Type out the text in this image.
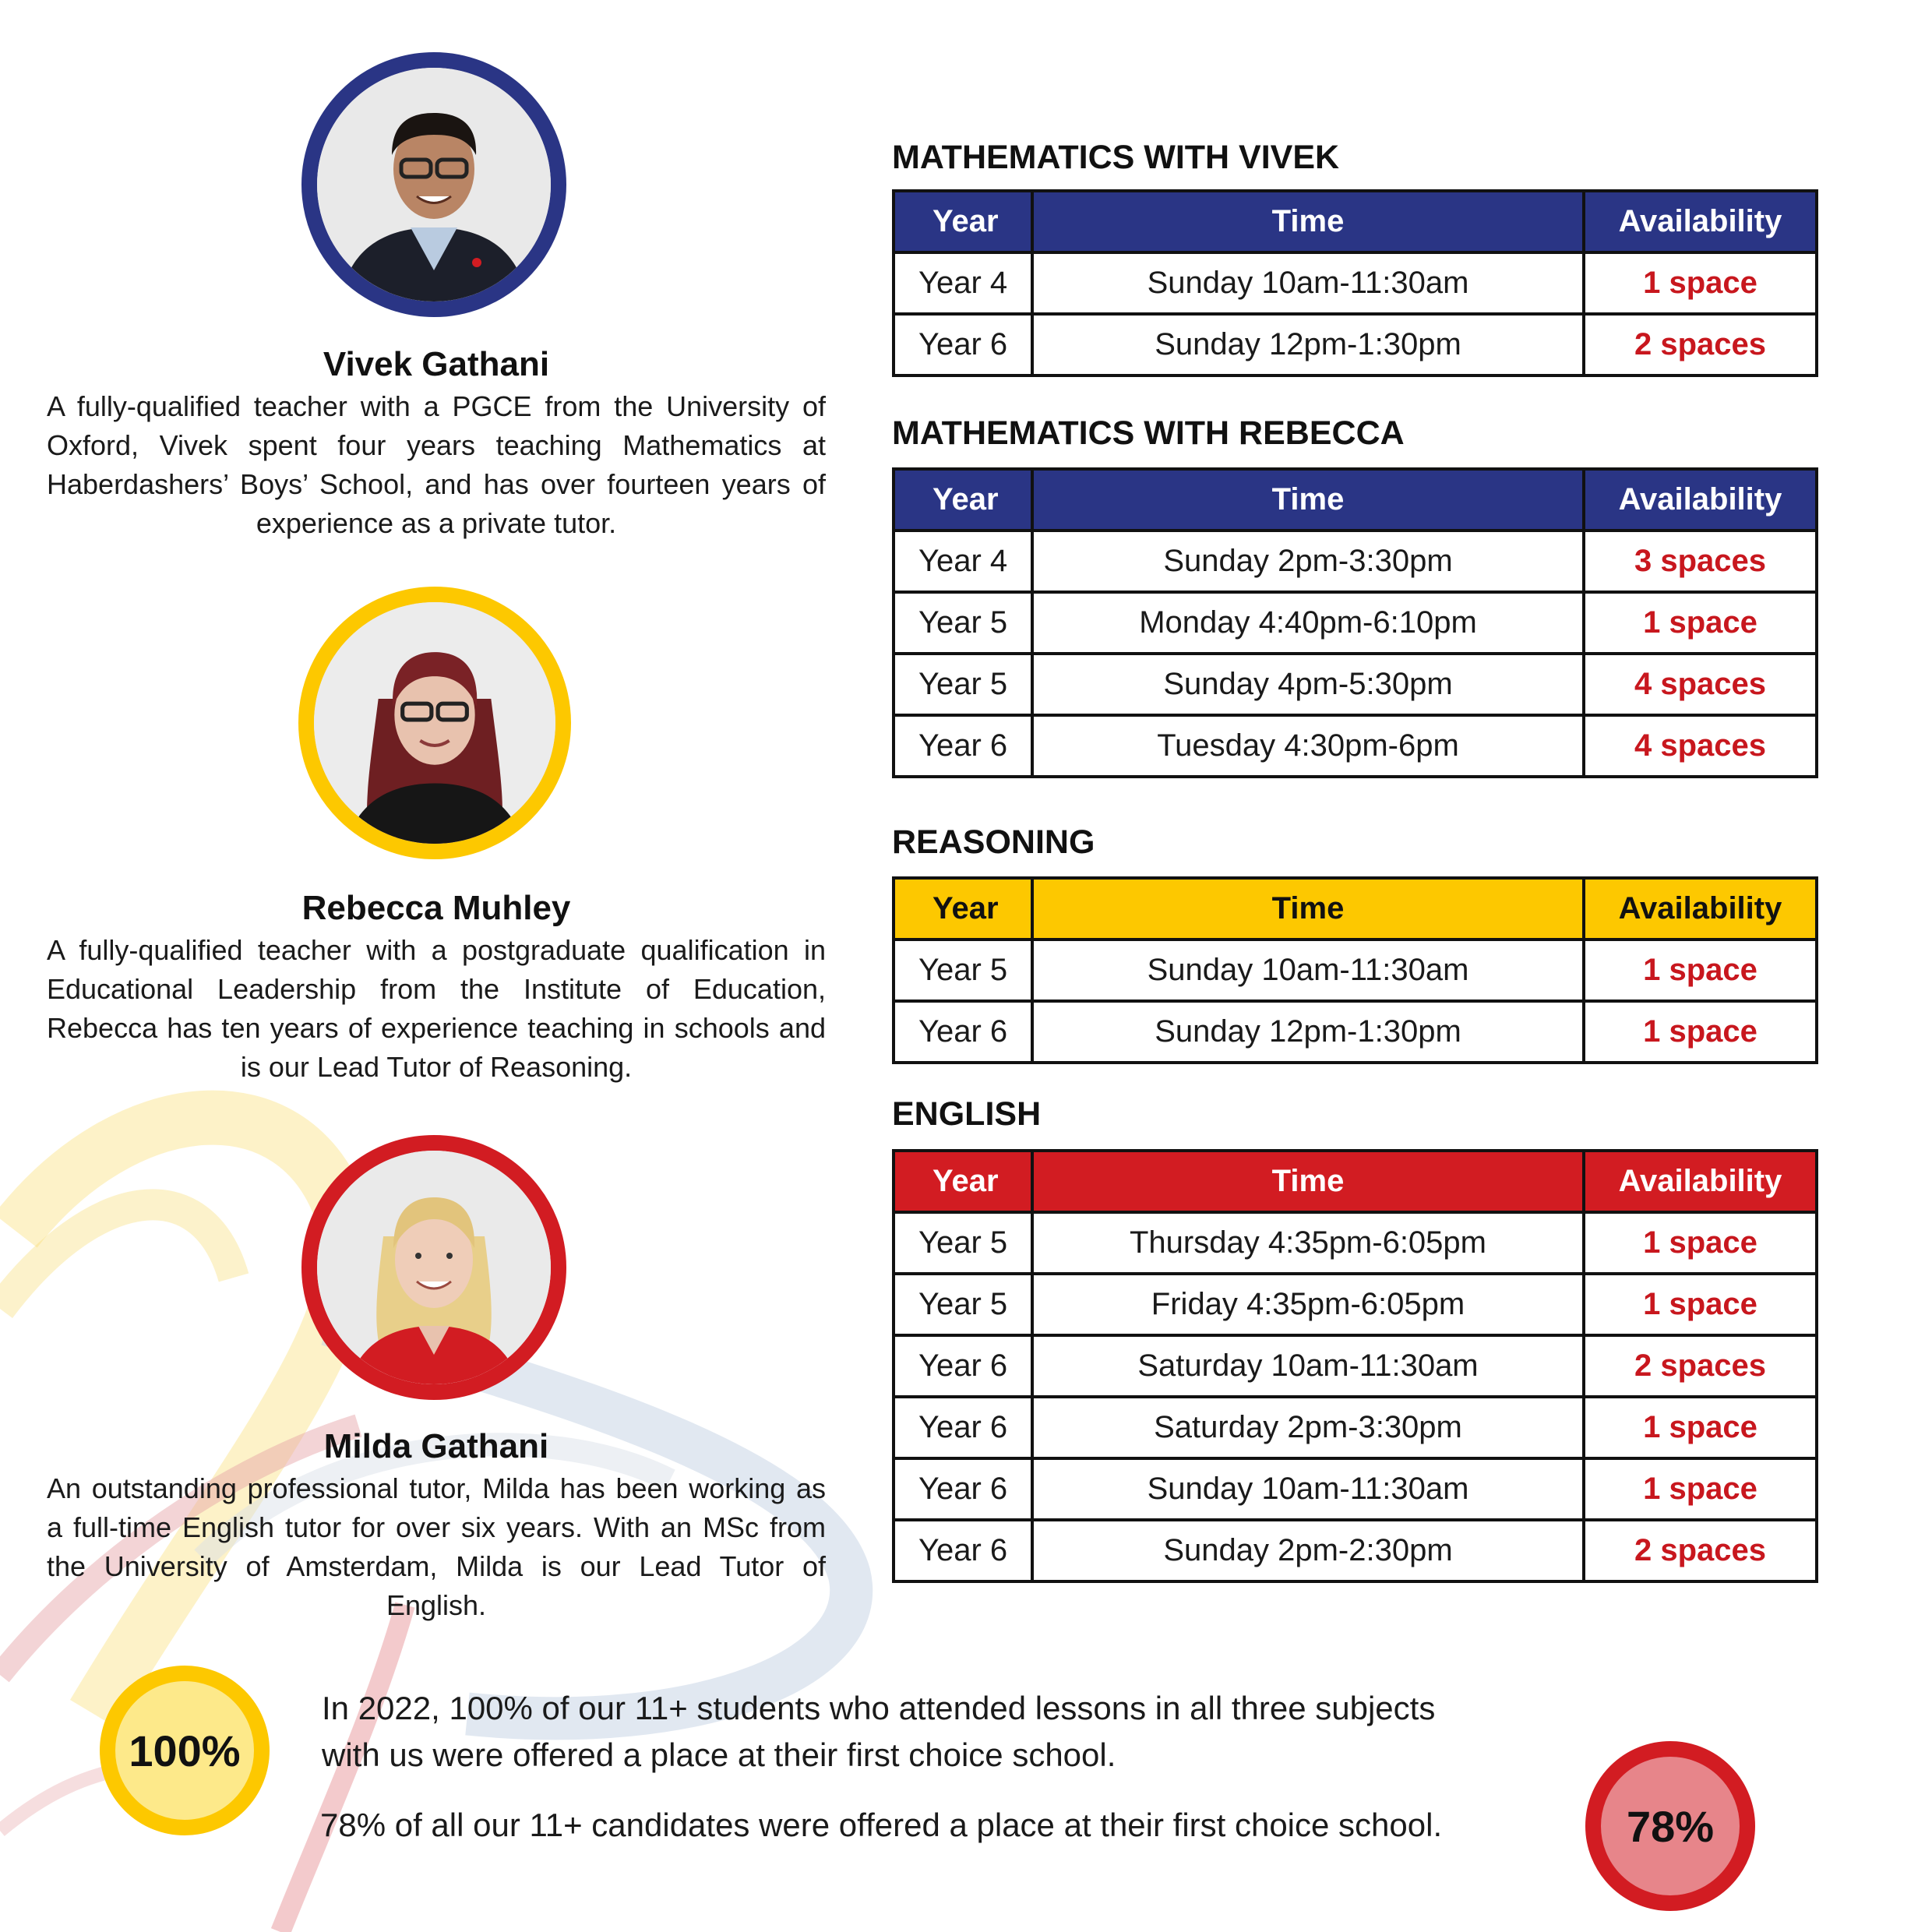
Vivek Gathani

A fully-qualified teacher with a PGCE from the University of Oxford, Vivek spent four years teaching Mathematics at Haberdashers’ Boys’ School, and has over fourteen years of experience as a private tutor.

Rebecca Muhley

A fully-qualified teacher with a postgraduate qualification in Educational Leadership from the Institute of Education, Rebecca has ten years of experience teaching in schools and is our Lead Tutor of Reasoning.

Milda Gathani

An outstanding professional tutor, Milda has been working as a full-time English tutor for over six years. With an MSc from the University of Amsterdam, Milda is our Lead Tutor of English.

MATHEMATICS WITH VIVEK
Year	Time	Availability
Year 4	Sunday 10am-11:30am	1 space
Year 6	Sunday 12pm-1:30pm	2 spaces
MATHEMATICS WITH REBECCA
Year	Time	Availability
Year 4	Sunday 2pm-3:30pm	3 spaces
Year 5	Monday 4:40pm-6:10pm	1 space
Year 5	Sunday 4pm-5:30pm	4 spaces
Year 6	Tuesday 4:30pm-6pm	4 spaces
REASONING
Year	Time	Availability
Year 5	Sunday 10am-11:30am	1 space
Year 6	Sunday 12pm-1:30pm	1 space
ENGLISH
Year	Time	Availability
Year 5	Thursday 4:35pm-6:05pm	1 space
Year 5	Friday 4:35pm-6:05pm	1 space
Year 6	Saturday 10am-11:30am	2 spaces
Year 6	Saturday 2pm-3:30pm	1 space
Year 6	Sunday 10am-11:30am	1 space
Year 6	Sunday 2pm-2:30pm	2 spaces
100%
In 2022, 100% of our 11+ students who attended lessons in all three subjects
with us were offered a place at their first choice school.
78% of all our 11+ candidates were offered a place at their first choice school.	78%
